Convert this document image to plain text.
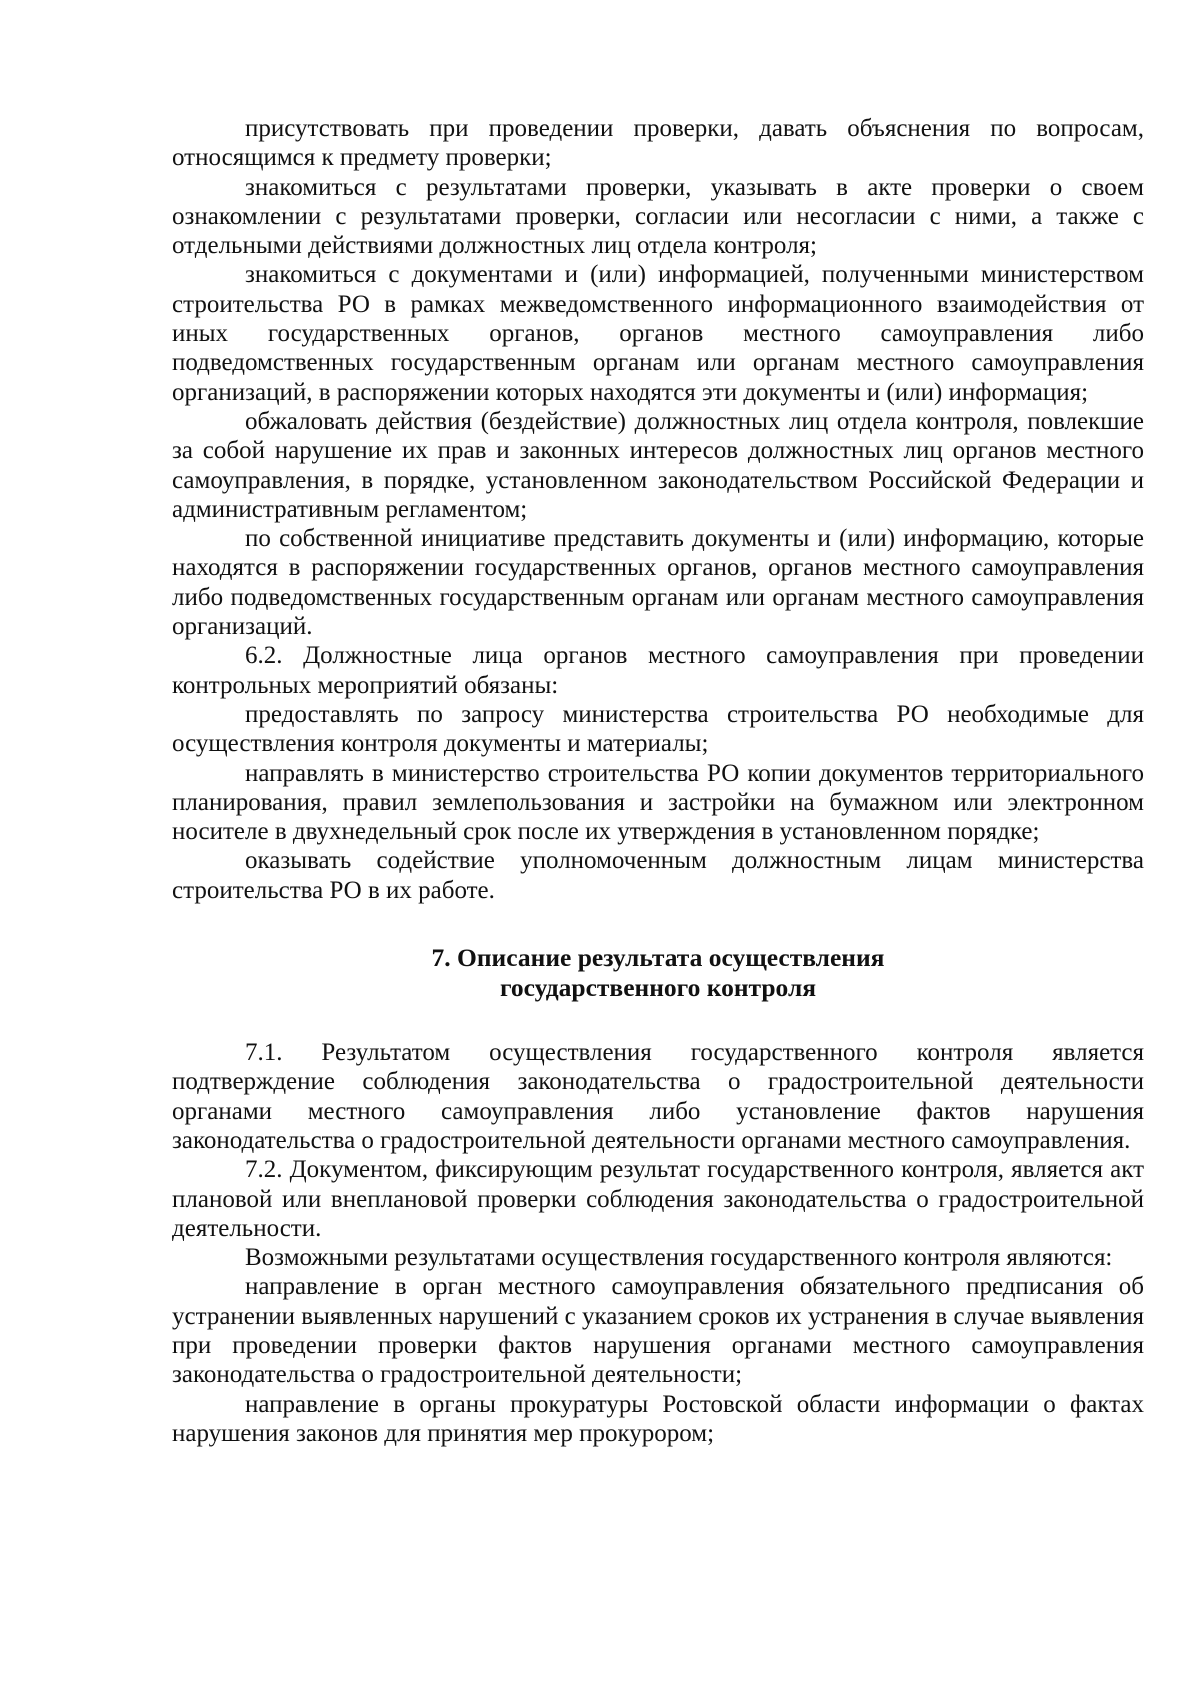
присутствовать при проведении проверки, давать объяснения по вопросам, относящимся к предмету проверки;

знакомиться с результатами проверки, указывать в акте проверки о своем ознакомлении с результатами проверки, согласии или несогласии с ними, а также с отдельными действиями должностных лиц отдела контроля;

знакомиться с документами и (или) информацией, полученными министерством строительства РО в рамках межведомственного информационного взаимодействия от иных государственных органов, органов местного самоуправления либо подведомственных государственным органам или органам местного самоуправления организаций, в распоряжении которых находятся эти документы и (или) информация;

обжаловать действия (бездействие) должностных лиц отдела контроля, повлекшие за собой нарушение их прав и законных интересов должностных лиц органов местного самоуправления, в порядке, установленном законодательством Российской Федерации и административным регламентом;

по собственной инициативе представить документы и (или) информацию, которые находятся в распоряжении государственных органов, органов местного самоуправления либо подведомственных государственным органам или органам местного самоуправления организаций.

6.2. Должностные лица органов местного самоуправления при проведении контрольных мероприятий обязаны:

предоставлять по запросу министерства строительства РО необходимые для осуществления контроля документы и материалы;

направлять в министерство строительства РО копии документов территориального планирования, правил землепользования и застройки на бумажном или электронном носителе в двухнедельный срок после их утверждения в установленном порядке;

оказывать содействие уполномоченным должностным лицам министерства строительства РО в их работе.

7. Описание результата осуществления
государственного контроля

7.1. Результатом осуществления государственного контроля является подтверждение соблюдения законодательства о градостроительной деятельности органами местного самоуправления либо установление фактов нарушения законодательства о градостроительной деятельности органами местного самоуправления.

7.2. Документом, фиксирующим результат государственного контроля, является акт плановой или внеплановой проверки соблюдения законодательства о градостроительной деятельности.

Возможными результатами осуществления государственного контроля являются:

направление в орган местного самоуправления обязательного предписания об устранении выявленных нарушений с указанием сроков их устранения в случае выявления при проведении проверки фактов нарушения органами местного самоуправления законодательства о градостроительной деятельности;

направление в органы прокуратуры Ростовской области информации о фактах нарушения законов для принятия мер прокурором;
